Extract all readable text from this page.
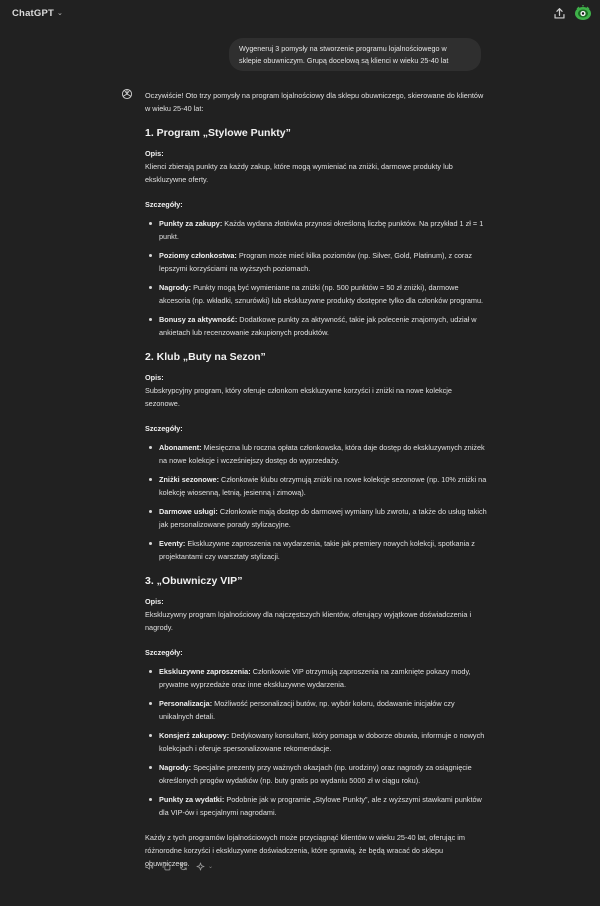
ChatGPT ⌄
Wygeneruj 3 pomysły na stworzenie programu lojalnościowego w sklepie obuwniczym. Grupą docelową są klienci w wieku 25-40 lat

Oczywiście! Oto trzy pomysły na program lojalnościowy dla sklepu obuwniczego, skierowane do klientów w wieku 25-40 lat:

1. Program „Stylowe Punkty”

Opis:

Klienci zbierają punkty za każdy zakup, które mogą wymieniać na zniżki, darmowe produkty lub ekskluzywne oferty.

Szczegóły:

Punkty za zakupy: Każda wydana złotówka przynosi określoną liczbę punktów. Na przykład 1 zł = 1 punkt.
Poziomy członkostwa: Program może mieć kilka poziomów (np. Silver, Gold, Platinum), z coraz lepszymi korzyściami na wyższych poziomach.
Nagrody: Punkty mogą być wymieniane na zniżki (np. 500 punktów = 50 zł zniżki), darmowe akcesoria (np. wkładki, sznurówki) lub ekskluzywne produkty dostępne tylko dla członków programu.
Bonusy za aktywność: Dodatkowe punkty za aktywność, takie jak polecenie znajomych, udział w ankietach lub recenzowanie zakupionych produktów.
2. Klub „Buty na Sezon”

Opis:

Subskrypcyjny program, który oferuje członkom ekskluzywne korzyści i zniżki na nowe kolekcje sezonowe.

Szczegóły:

Abonament: Miesięczna lub roczna opłata członkowska, która daje dostęp do ekskluzywnych zniżek na nowe kolekcje i wcześniejszy dostęp do wyprzedaży.
Zniżki sezonowe: Członkowie klubu otrzymują zniżki na nowe kolekcje sezonowe (np. 10% zniżki na kolekcję wiosenną, letnią, jesienną i zimową).
Darmowe usługi: Członkowie mają dostęp do darmowej wymiany lub zwrotu, a także do usług takich jak personalizowane porady stylizacyjne.
Eventy: Ekskluzywne zaproszenia na wydarzenia, takie jak premiery nowych kolekcji, spotkania z projektantami czy warsztaty stylizacji.
3. „Obuwniczy VIP”

Opis:

Ekskluzywny program lojalnościowy dla najczęstszych klientów, oferujący wyjątkowe doświadczenia i nagrody.

Szczegóły:

Ekskluzywne zaproszenia: Członkowie VIP otrzymują zaproszenia na zamknięte pokazy mody, prywatne wyprzedaże oraz inne ekskluzywne wydarzenia.
Personalizacja: Możliwość personalizacji butów, np. wybór koloru, dodawanie inicjałów czy unikalnych detali.
Konsjerż zakupowy: Dedykowany konsultant, który pomaga w doborze obuwia, informuje o nowych kolekcjach i oferuje spersonalizowane rekomendacje.
Nagrody: Specjalne prezenty przy ważnych okazjach (np. urodziny) oraz nagrody za osiągnięcie określonych progów wydatków (np. buty gratis po wydaniu 5000 zł w ciągu roku).
Punkty za wydatki: Podobnie jak w programie „Stylowe Punkty”, ale z wyższymi stawkami punktów dla VIP-ów i specjalnymi nagrodami.

Każdy z tych programów lojalnościowych może przyciągnąć klientów w wieku 25-40 lat, oferując im różnorodne korzyści i ekskluzywne doświadczenia, które sprawią, że będą wracać do sklepu obuwniczego.	⌄
